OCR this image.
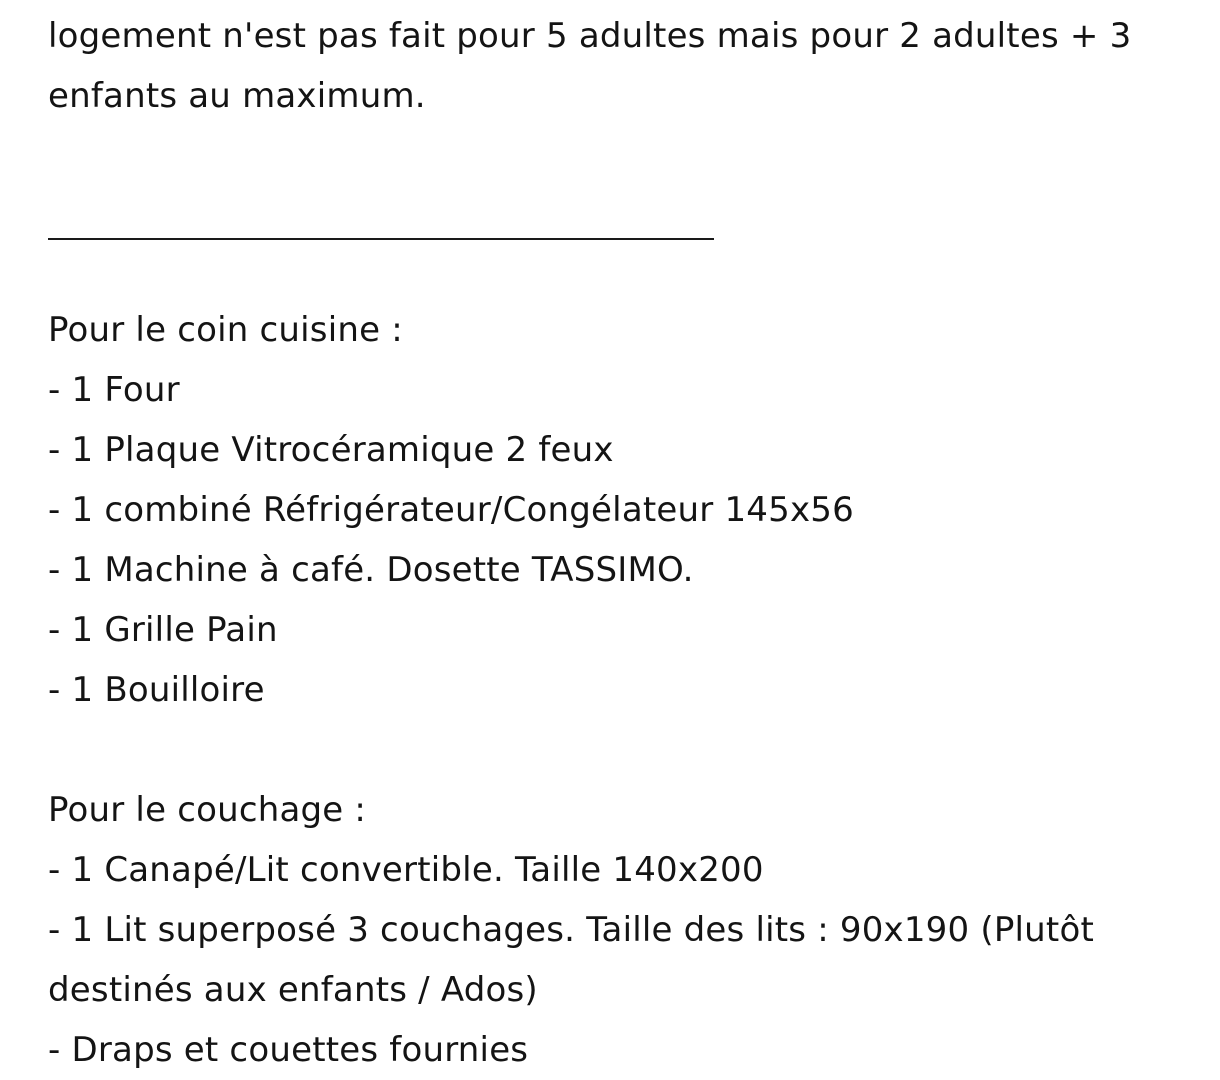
logement n'est pas fait pour 5 adultes mais pour 2 adultes + 3
enfants au maximum.
Pour le coin cuisine :
- 1 Four
- 1 Plaque Vitrocéramique 2 feux
- 1 combiné Réfrigérateur/Congélateur 145x56
- 1 Machine à café. Dosette TASSIMO.
- 1 Grille Pain
- 1 Bouilloire
Pour le couchage :
- 1 Canapé/Lit convertible. Taille 140x200
- 1 Lit superposé 3 couchages. Taille des lits : 90x190 (Plutôt
destinés aux enfants / Ados)
- Draps et couettes fournies
